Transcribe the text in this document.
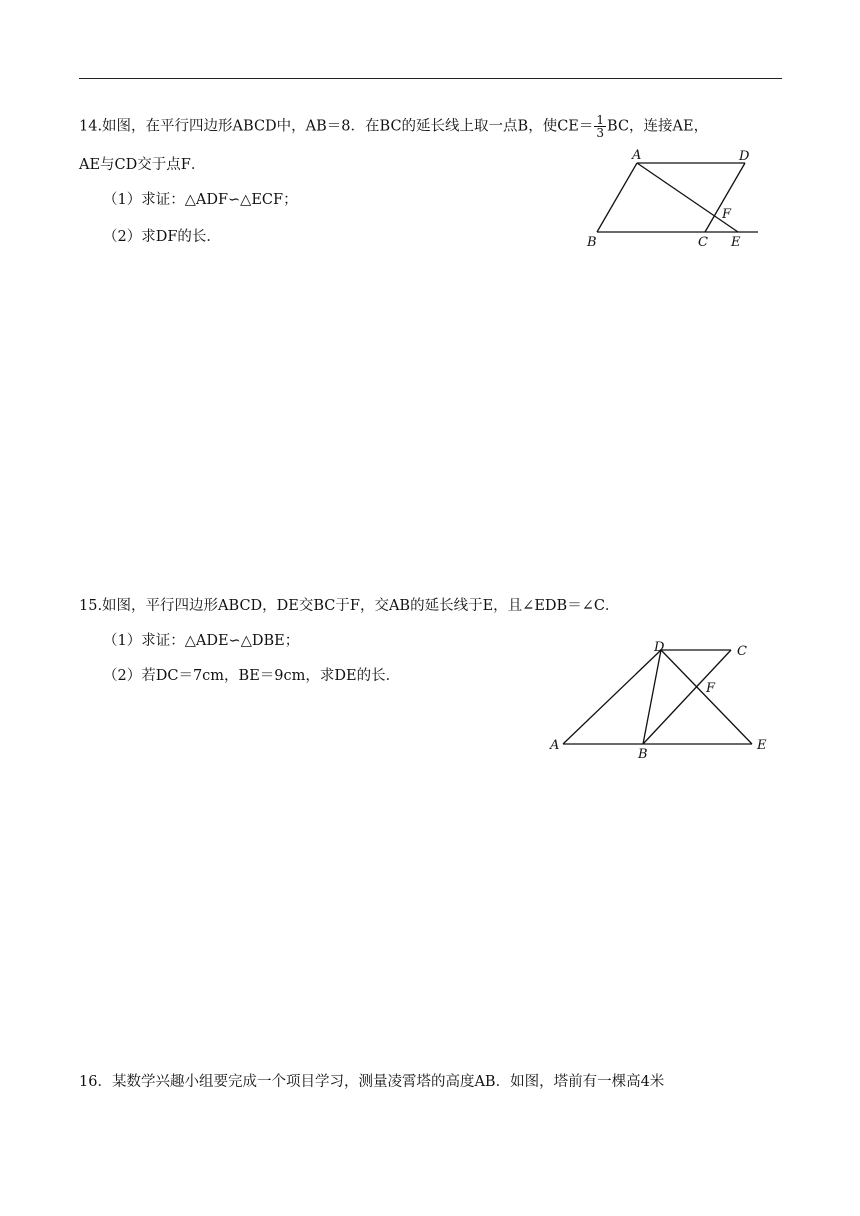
14.如图，在平行四边形ABCD中，AB＝8．在BC的延长线上取一点B，使$CE= \frac{1}{3}$ BC，连接AE，
AE与CD交于点F．
（1）求证：△ADF∽△ECF；
（2）求DF的长．
A	D
F
B	C E
15.如图，平行四边形ABCD，DE交BC于F，交AB的延长线于E，且∠EDB＝∠C．
（1）求证：△ADE∽△DBE；
（2）若DC＝7cm，BE＝9cm，求DE的长．
D	C
F
A
B
E
16．某数学兴趣小组要完成一个项目学习，测量凌霄塔的高度AB．如图，塔前有一棵高4米
